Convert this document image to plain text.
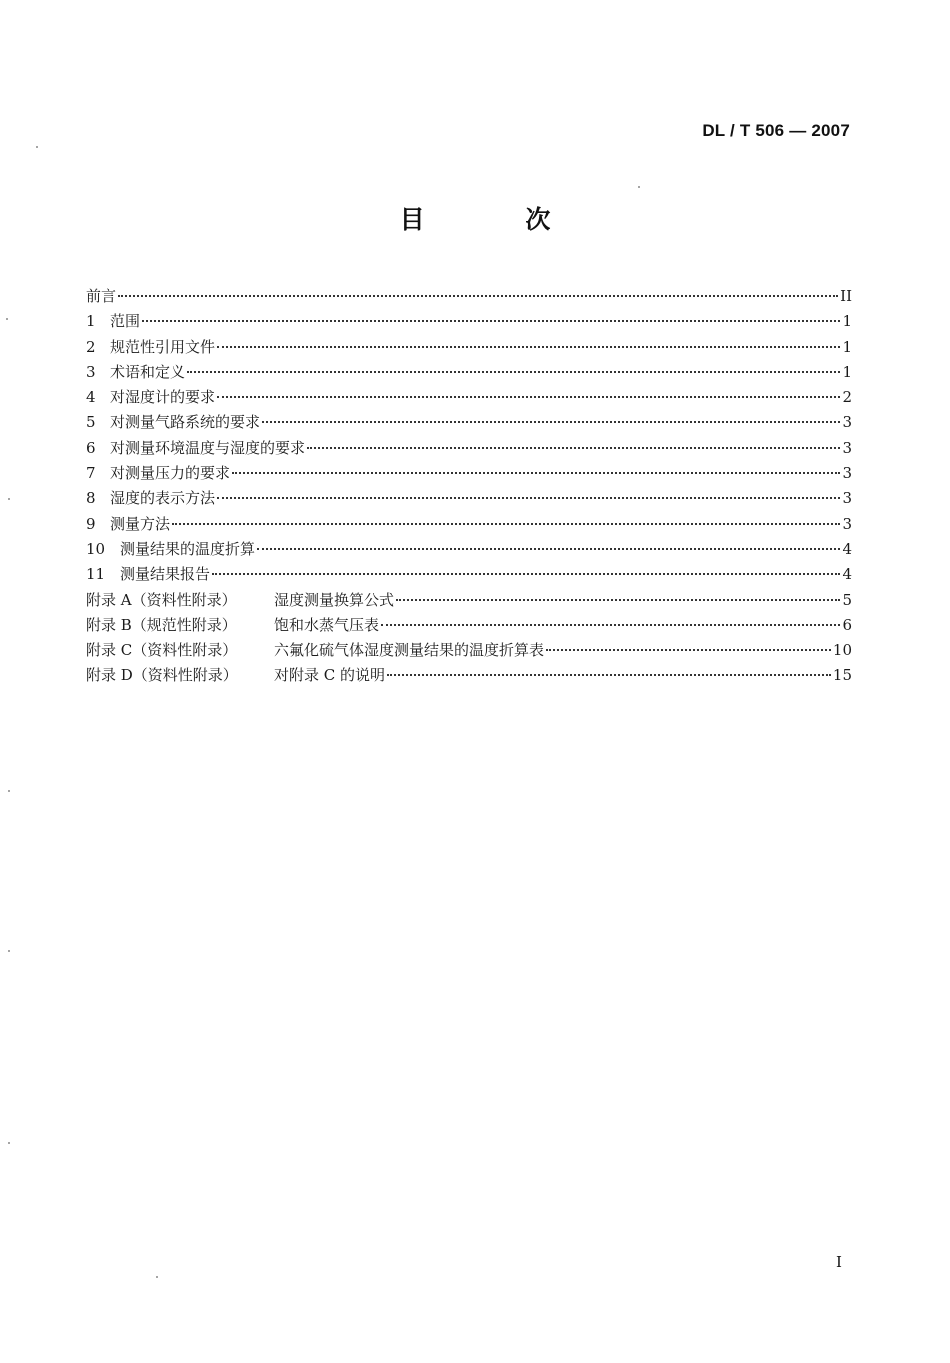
DL / T 506 — 2007
目 次
前言	II
1 范围	1
2 规范性引用文件	1
3 术语和定义	1
4 对湿度计的要求	2
5 对测量气路系统的要求	3
6 对测量环境温度与湿度的要求	3
7 对测量压力的要求	3
8 湿度的表示方法	3
9 测量方法	3
10 测量结果的温度折算	4
11 测量结果报告	4
附录 A（资料性附录）	湿度测量换算公式	5
附录 B（规范性附录）	饱和水蒸气压表	6
附录 C（资料性附录）	六氟化硫气体湿度测量结果的温度折算表	10
附录 D（资料性附录）	对附录 C 的说明	15
I
